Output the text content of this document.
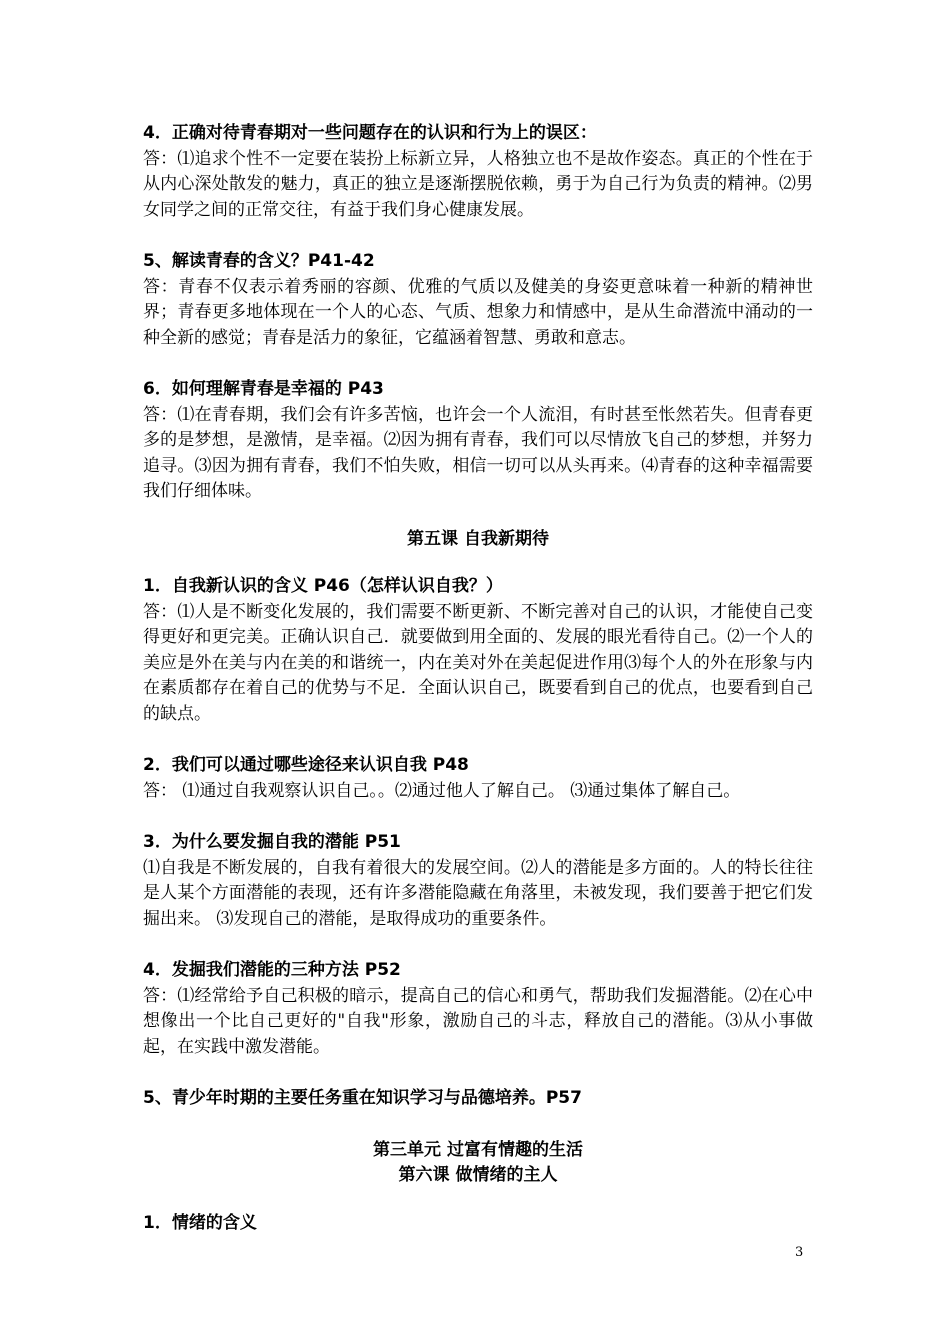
4．正确对待青春期对一些问题存在的认识和行为上的误区：
答：⑴追求个性不一定要在装扮上标新立异，人格独立也不是故作姿态。真正的个性在于从内心深处散发的魅力，真正的独立是逐渐摆脱依赖，勇于为自己行为负责的精神。⑵男女同学之间的正常交往，有益于我们身心健康发展。
5、解读青春的含义？P41-42
答：青春不仅表示着秀丽的容颜、优雅的气质以及健美的身姿更意味着一种新的精神世界；青春更多地体现在一个人的心态、气质、想象力和情感中，是从生命潜流中涌动的一种全新的感觉；青春是活力的象征，它蕴涵着智慧、勇敢和意志。
6．如何理解青春是幸福的 P43
答：⑴在青春期，我们会有许多苦恼，也许会一个人流泪，有时甚至怅然若失。但青春更多的是梦想，是激情，是幸福。⑵因为拥有青春，我们可以尽情放飞自己的梦想，并努力追寻。⑶因为拥有青春，我们不怕失败，相信一切可以从头再来。⑷青春的这种幸福需要我们仔细体味。
第五课 自我新期待
1．自我新认识的含义 P46（怎样认识自我？）
答：⑴人是不断变化发展的，我们需要不断更新、不断完善对自己的认识，才能使自己变得更好和更完美。正确认识自己．就要做到用全面的、发展的眼光看待自己。⑵一个人的美应是外在美与内在美的和谐统一，内在美对外在美起促进作用⑶每个人的外在形象与内在素质都存在着自己的优势与不足．全面认识自己，既要看到自己的优点，也要看到自己的缺点。
2．我们可以通过哪些途径来认识自我 P48
答： ⑴通过自我观察认识自己。。⑵通过他人了解自己。 ⑶通过集体了解自己。
3．为什么要发掘自我的潜能 P51
⑴自我是不断发展的，自我有着很大的发展空间。⑵人的潜能是多方面的。人的特长往往是人某个方面潜能的表现，还有许多潜能隐藏在角落里，未被发现，我们要善于把它们发掘出来。 ⑶发现自己的潜能，是取得成功的重要条件。
4．发掘我们潜能的三种方法 P52
答：⑴经常给予自己积极的暗示，提高自己的信心和勇气，帮助我们发掘潜能。⑵在心中想像出一个比自己更好的"自我"形象，激励自己的斗志，释放自己的潜能。⑶从小事做起，在实践中激发潜能。
5、青少年时期的主要任务重在知识学习与品德培养。P57
第三单元 过富有情趣的生活
第六课 做情绪的主人
1．情绪的含义
3
